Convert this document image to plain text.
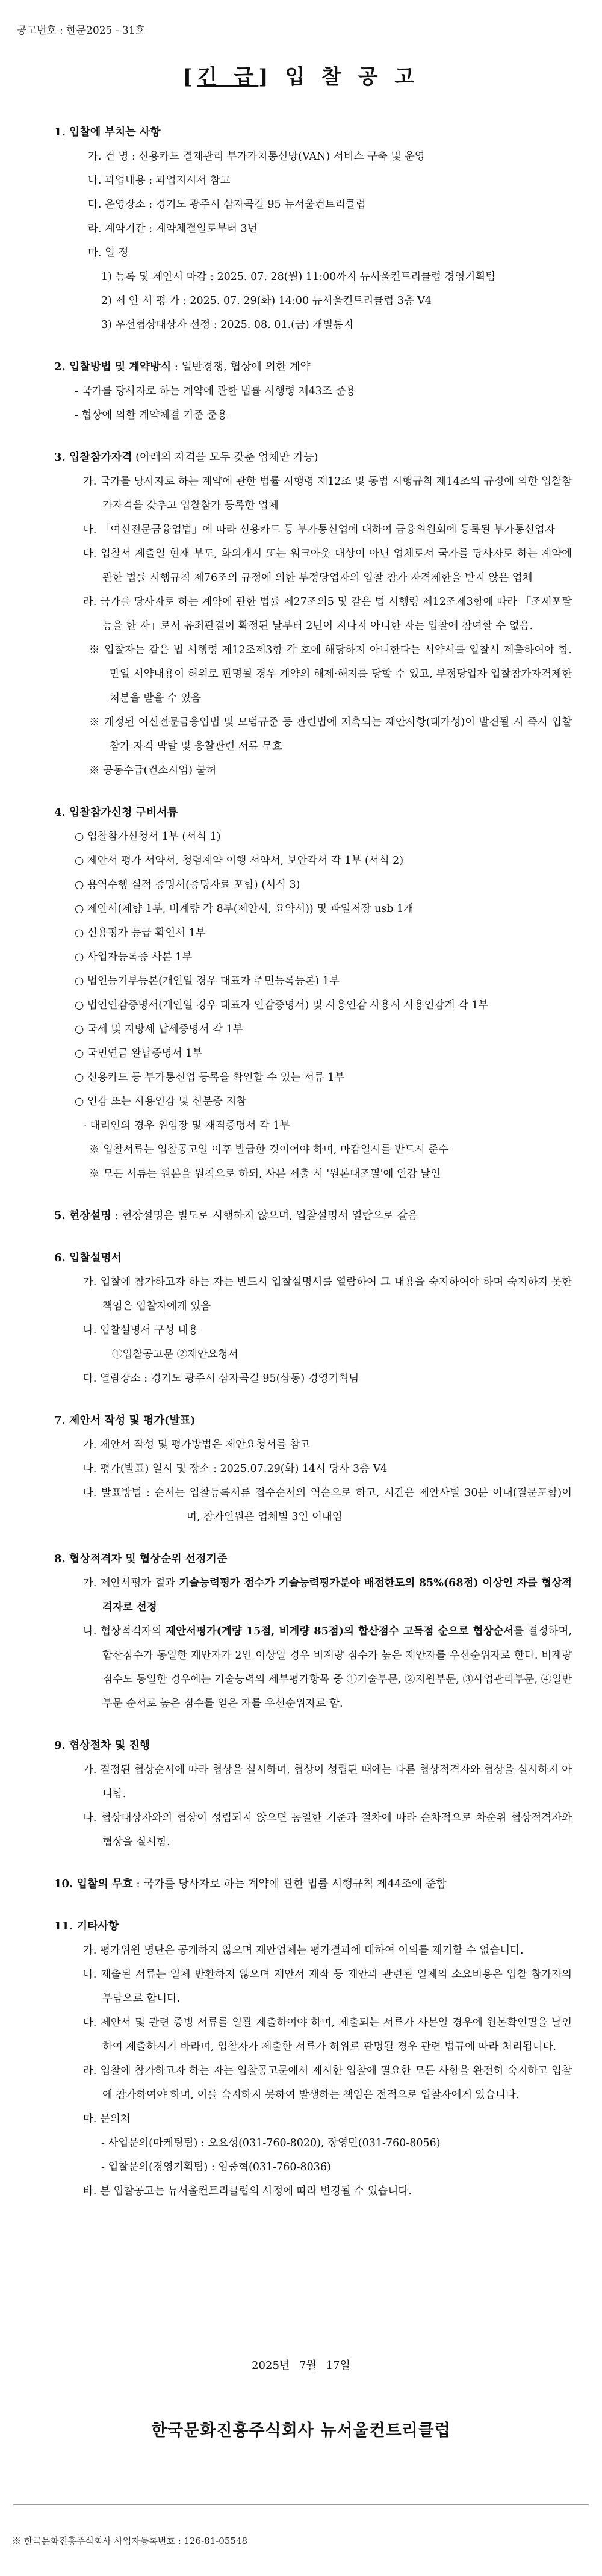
공고번호 : 한문2025 - 31호
[긴 급] 입 찰 공 고
1. 입찰에 부치는 사항
가. 건 명 : 신용카드 결제관리 부가가치통신망(VAN) 서비스 구축 및 운영
나. 과업내용 : 과업지시서 참고
다. 운영장소 : 경기도 광주시 삼자곡길 95 뉴서울컨트리클럽
라. 계약기간 : 계약체결일로부터 3년
마. 일 정
1) 등록 및 제안서 마감 : 2025. 07. 28(월) 11:00까지 뉴서울컨트리클럽 경영기획팀
2) 제 안 서 평 가 : 2025. 07. 29(화) 14:00 뉴서울컨트리클럽 3층 V4
3) 우선협상대상자 선정 : 2025. 08. 01.(금) 개별통지
2. 입찰방법 및 계약방식 : 일반경쟁, 협상에 의한 계약
- 국가를 당사자로 하는 계약에 관한 법률 시행령 제43조 준용
- 협상에 의한 계약체결 기준 준용
3. 입찰참가자격 (아래의 자격을 모두 갖춘 업체만 가능)
가. 국가를 당사자로 하는 계약에 관한 법률 시행령 제12조 및 동법 시행규칙 제14조의 규정에 의한 입찰참가자격을 갖추고 입찰참가 등록한 업체
나. 「여신전문금융업법」에 따라 신용카드 등 부가통신업에 대하여 금융위원회에 등록된 부가통신업자
다. 입찰서 제출일 현재 부도, 화의개시 또는 워크아웃 대상이 아닌 업체로서 국가를 당사자로 하는 계약에 관한 법률 시행규칙 제76조의 규정에 의한 부정당업자의 입찰 참가 자격제한을 받지 않은 업체
라. 국가를 당사자로 하는 계약에 관한 법률 제27조의5 및 같은 법 시행령 제12조제3항에 따라 「조세포탈 등을 한 자」로서 유죄판결이 확정된 날부터 2년이 지나지 아니한 자는 입찰에 참여할 수 없음.
※ 입찰자는 같은 법 시행령 제12조제3항 각 호에 해당하지 아니한다는 서약서를 입찰시 제출하여야 함. 만일 서약내용이 허위로 판명될 경우 계약의 해제·해지를 당할 수 있고, 부정당업자 입찰참가자격제한처분을 받을 수 있음
※ 개정된 여신전문금융업법 및 모범규준 등 관련법에 저촉되는 제안사항(대가성)이 발견될 시 즉시 입찰참가 자격 박탈 및 응찰관련 서류 무효
※ 공동수급(컨소시엄) 불허
4. 입찰참가신청 구비서류
○ 입찰참가신청서 1부 (서식 1)
○ 제안서 평가 서약서, 청렴계약 이행 서약서, 보안각서 각 1부 (서식 2)
○ 용역수행 실적 증명서(증명자료 포함) (서식 3)
○ 제안서(제향 1부, 비계량 각 8부(제안서, 요약서)) 및 파일저장 usb 1개
○ 신용평가 등급 확인서 1부
○ 사업자등록증 사본 1부
○ 법인등기부등본(개인일 경우 대표자 주민등록등본) 1부
○ 법인인감증명서(개인일 경우 대표자 인감증명서) 및 사용인감 사용시 사용인감계 각 1부
○ 국세 및 지방세 납세증명서 각 1부
○ 국민연금 완납증명서 1부
○ 신용카드 등 부가통신업 등록을 확인할 수 있는 서류 1부
○ 인감 또는 사용인감 및 신분증 지참
- 대리인의 경우 위임장 및 재직증명서 각 1부
※ 입찰서류는 입찰공고일 이후 발급한 것이어야 하며, 마감일시를 반드시 준수
※ 모든 서류는 원본을 원칙으로 하되, 사본 제출 시 '원본대조필'에 인감 날인
5. 현장설명 : 현장설명은 별도로 시행하지 않으며, 입찰설명서 열람으로 갈음
6. 입찰설명서
가. 입찰에 참가하고자 하는 자는 반드시 입찰설명서를 열람하여 그 내용을 숙지하여야 하며 숙지하지 못한 책임은 입찰자에게 있음
나. 입찰설명서 구성 내용
①입찰공고문 ②제안요청서
다. 열람장소 : 경기도 광주시 삼자곡길 95(삼동) 경영기획팀
7. 제안서 작성 및 평가(발표)
가. 제안서 작성 및 평가방법은 제안요청서를 참고
나. 평가(발표) 일시 및 장소 : 2025.07.29(화) 14시 당사 3층 V4
다. 발표방법 : 순서는 입찰등록서류 접수순서의 역순으로 하고, 시간은 제안사별 30분 이내(질문포함)이며, 참가인원은 업체별 3인 이내임
8. 협상적격자 및 협상순위 선정기준
가. 제안서평가 결과 기술능력평가 점수가 기술능력평가분야 배점한도의 85%(68점) 이상인 자를 협상적격자로 선정
나. 협상적격자의 제안서평가(계량 15점, 비계량 85점)의 합산점수 고득점 순으로 협상순서를 결정하며, 합산점수가 동일한 제안자가 2인 이상일 경우 비계량 점수가 높은 제안자를 우선순위자로 한다. 비계량 점수도 동일한 경우에는 기술능력의 세부평가항목 중 ①기술부문, ②지원부문, ③사업관리부문, ④일반부문 순서로 높은 점수를 얻은 자를 우선순위자로 함.
9. 협상절차 및 진행
가. 결정된 협상순서에 따라 협상을 실시하며, 협상이 성립된 때에는 다른 협상적격자와 협상을 실시하지 아니함.
나. 협상대상자와의 협상이 성립되지 않으면 동일한 기준과 절차에 따라 순차적으로 차순위 협상적격자와 협상을 실시함.
10. 입찰의 무효 : 국가를 당사자로 하는 계약에 관한 법률 시행규칙 제44조에 준함
11. 기타사항
가. 평가위원 명단은 공개하지 않으며 제안업체는 평가결과에 대하여 이의를 제기할 수 없습니다.
나. 제출된 서류는 일체 반환하지 않으며 제안서 제작 등 제안과 관련된 일체의 소요비용은 입찰 참가자의 부담으로 합니다.
다. 제안서 및 관련 증빙 서류를 일괄 제출하여야 하며, 제출되는 서류가 사본일 경우에 원본확인필을 날인하여 제출하시기 바라며, 입찰자가 제출한 서류가 허위로 판명될 경우 관련 법규에 따라 처리됩니다.
라. 입찰에 참가하고자 하는 자는 입찰공고문에서 제시한 입찰에 필요한 모든 사항을 완전히 숙지하고 입찰에 참가하여야 하며, 이를 숙지하지 못하여 발생하는 책임은 전적으로 입찰자에게 있습니다.
마. 문의처
- 사업문의(마케팅팀) : 오요성(031-760-8020), 장영민(031-760-8056)
- 입찰문의(경영기획팀) : 임중혁(031-760-8036)
바. 본 입찰공고는 뉴서울컨트리클럽의 사정에 따라 변경될 수 있습니다.
2025년 7월 17일
한국문화진흥주식회사 뉴서울컨트리클럽
※ 한국문화진흥주식회사 사업자등록번호 : 126-81-05548
